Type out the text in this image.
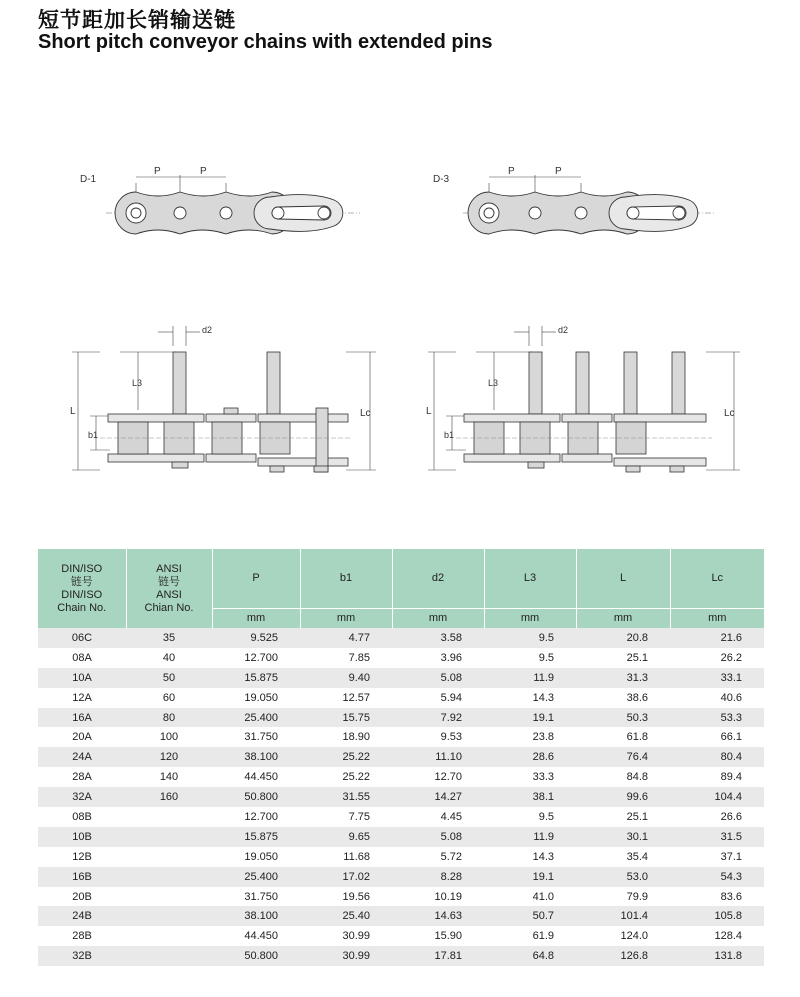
短节距加长销输送链
Short pitch conveyor chains with extended pins
D-1
P	P
D-3
P	P
d2
L
L3
b1
Lc
d2
L
L3
b1
Lc
DIN/ISO
链号
DIN/ISO
Chain No.	ANSI
链号
ANSI
Chian No.	P	b1	d2	L3	L	Lc
		mm	mm	mm	mm	mm	mm
06C	35	9.525	4.77	3.58	9.5	20.8	21.6
08A	40	12.700	7.85	3.96	9.5	25.1	26.2
10A	50	15.875	9.40	5.08	11.9	31.3	33.1
12A	60	19.050	12.57	5.94	14.3	38.6	40.6
16A	80	25.400	15.75	7.92	19.1	50.3	53.3
20A	100	31.750	18.90	9.53	23.8	61.8	66.1
24A	120	38.100	25.22	11.10	28.6	76.4	80.4
28A	140	44.450	25.22	12.70	33.3	84.8	89.4
32A	160	50.800	31.55	14.27	38.1	99.6	104.4
08B		12.700	7.75	4.45	9.5	25.1	26.6
10B		15.875	9.65	5.08	11.9	30.1	31.5
12B		19.050	11.68	5.72	14.3	35.4	37.1
16B		25.400	17.02	8.28	19.1	53.0	54.3
20B		31.750	19.56	10.19	41.0	79.9	83.6
24B		38.100	25.40	14.63	50.7	101.4	105.8
28B		44.450	30.99	15.90	61.9	124.0	128.4
32B		50.800	30.99	17.81	64.8	126.8	131.8
